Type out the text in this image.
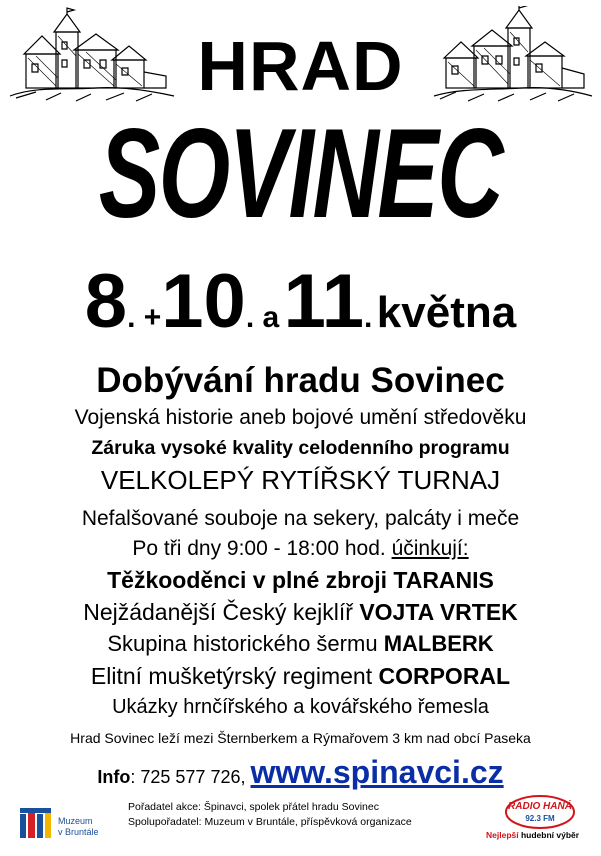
HRAD
SOVINEC
8. +10. a 11. května
Dobývání hradu Sovinec
Vojenská historie aneb bojové umění středověku
Záruka vysoké kvality celodenního programu
VELKOLEPÝ RYTÍŘSKÝ TURNAJ
Nefalšované souboje na sekery, palcáty i meče
Po tři dny 9:00 - 18:00 hod. účinkují:
Těžkooděnci v plné zbroji TARANIS
Nejžádanější Český kejklíř VOJTA VRTEK
Skupina historického šermu MALBERK
Elitní mušketýrský regiment CORPORAL
Ukázky hrnčířského a kovářského řemesla
Hrad Sovinec leží mezi Šternberkem a Rýmařovem 3 km nad obcí Paseka
Info: 725 577 726, www.spinavci.cz
Muzeum
v Bruntále
Pořadatel akce: Špinavci, spolek přátel hradu Sovinec
Spolupořadatel: Muzeum v Bruntále, příspěvková organizace
RADIO HANÁ
92.3 FM
Nejlepší hudební výběr
